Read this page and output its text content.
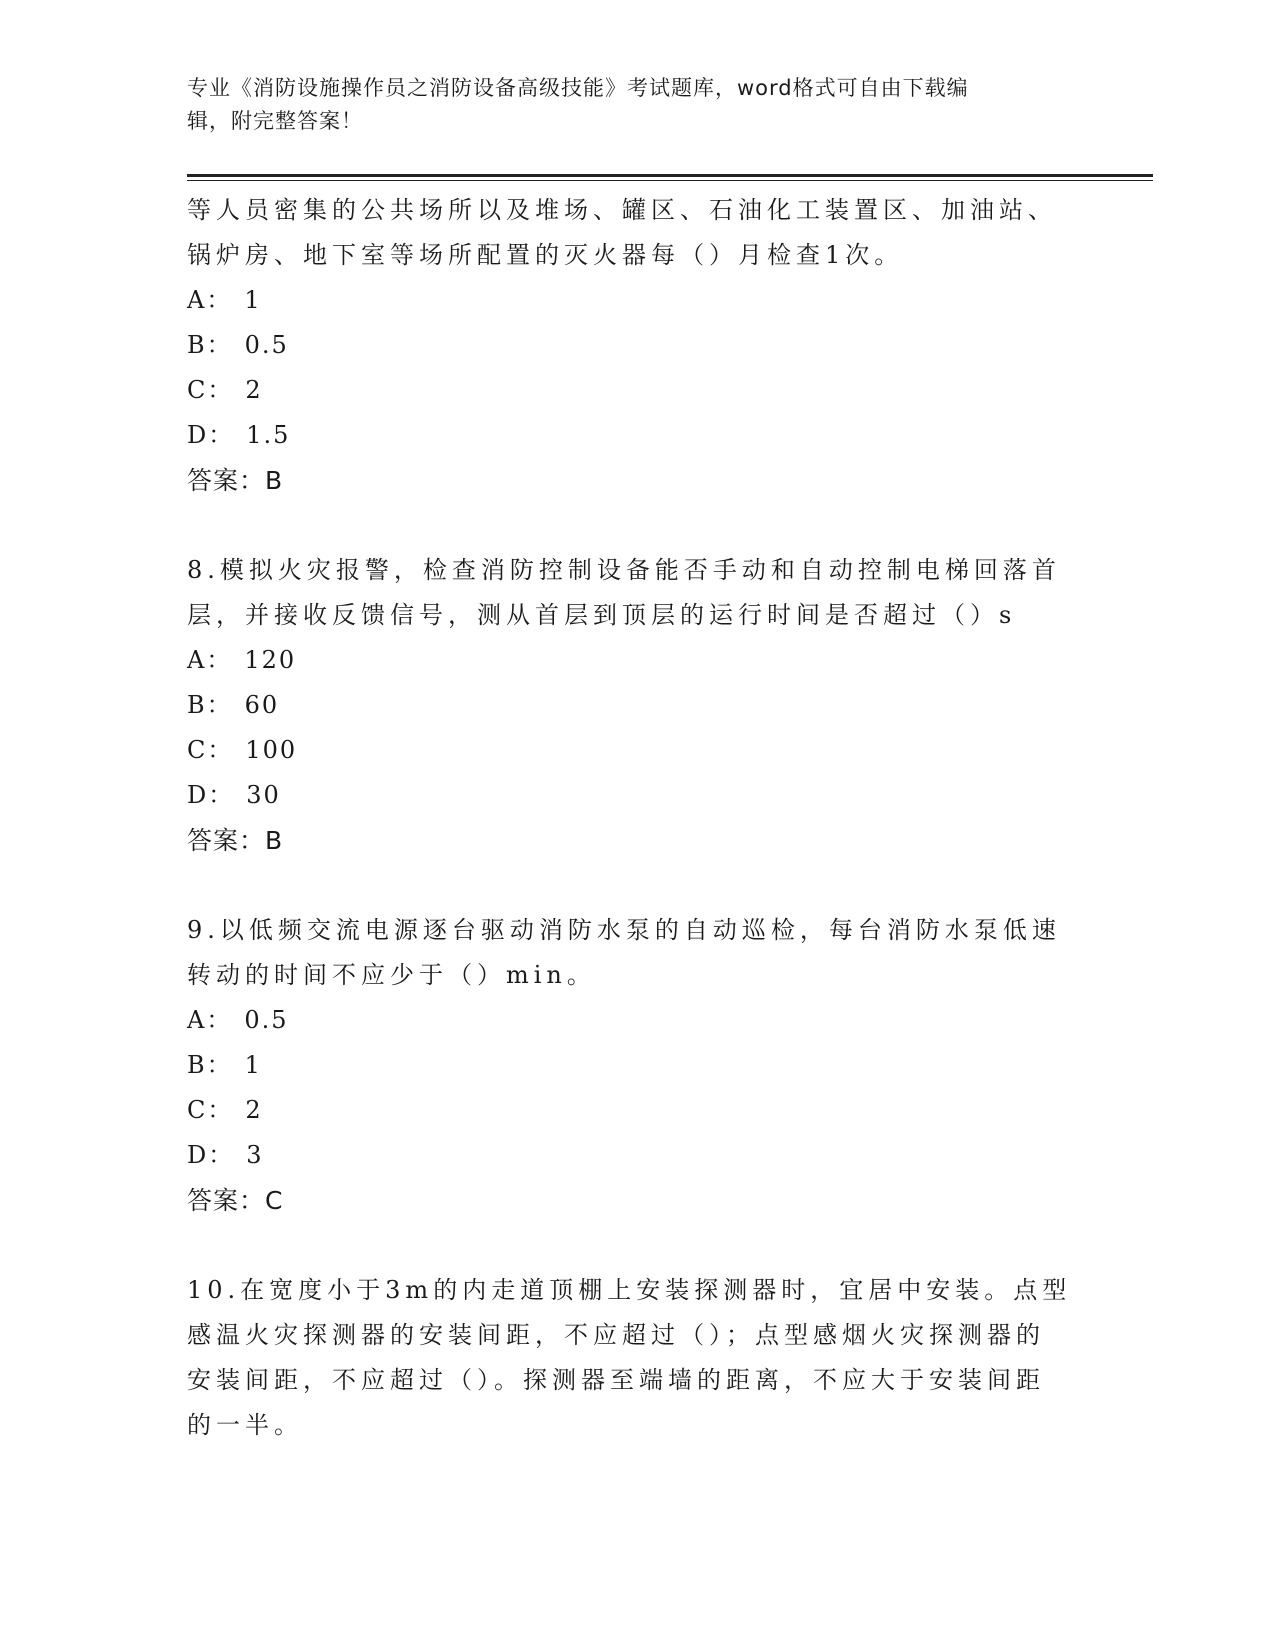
专业《消防设施操作员之消防设备高级技能》考试题库，word格式可自由下载编
辑，附完整答案！
等人员密集的公共场所以及堆场、罐区、石油化工装置区、加油站、
锅炉房、地下室等场所配置的灭火器每（）月检查1次。
A： 1
B： 0.5
C： 2
D： 1.5
答案：B
8.模拟火灾报警，检查消防控制设备能否手动和自动控制电梯回落首
层，并接收反馈信号，测从首层到顶层的运行时间是否超过（）s
A： 120
B： 60
C： 100
D： 30
答案：B
9.以低频交流电源逐台驱动消防水泵的自动巡检，每台消防水泵低速
转动的时间不应少于（）min。
A： 0.5
B： 1
C： 2
D： 3
答案：C
10.在宽度小于3m的内走道顶棚上安装探测器时，宜居中安装。点型
感温火灾探测器的安装间距，不应超过（）；点型感烟火灾探测器的
安装间距，不应超过（）。探测器至端墙的距离，不应大于安装间距
的一半。
